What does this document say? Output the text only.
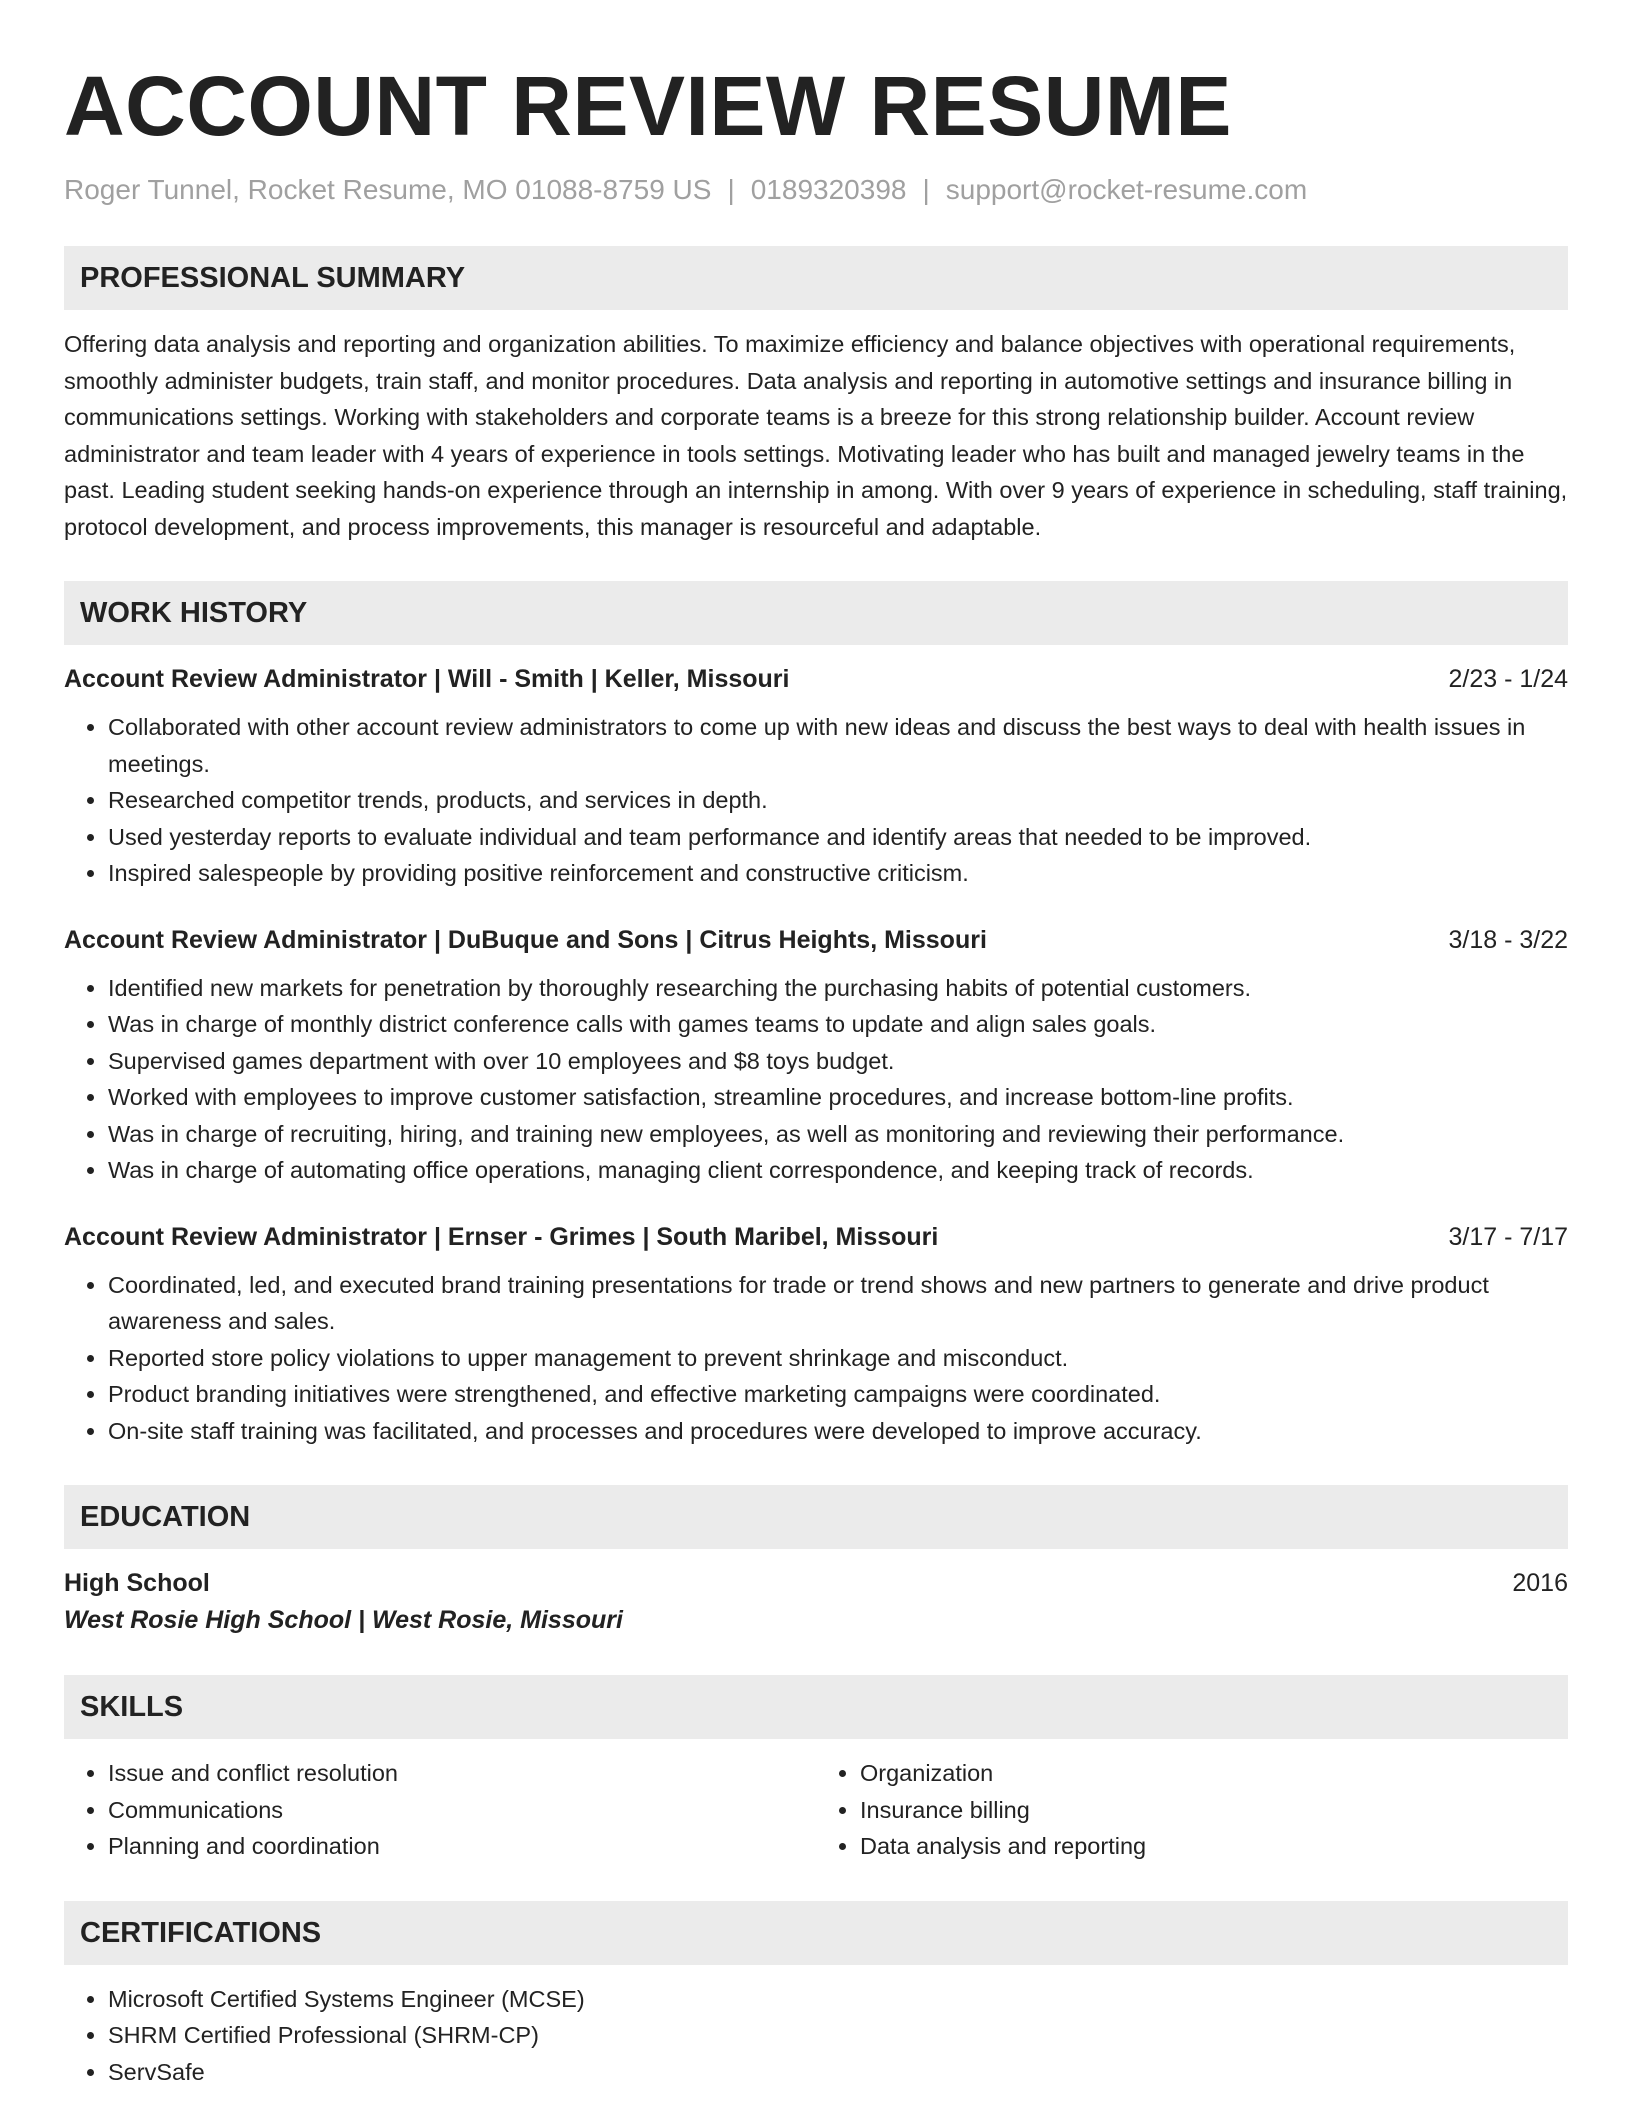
ACCOUNT REVIEW RESUME
Roger Tunnel, Rocket Resume, MO 01088-8759 US | 0189320398 | support@rocket-resume.com
PROFESSIONAL SUMMARY
Offering data analysis and reporting and organization abilities. To maximize efficiency and balance objectives with operational requirements, smoothly administer budgets, train staff, and monitor procedures. Data analysis and reporting in automotive settings and insurance billing in communications settings. Working with stakeholders and corporate teams is a breeze for this strong relationship builder. Account review administrator and team leader with 4 years of experience in tools settings. Motivating leader who has built and managed jewelry teams in the past. Leading student seeking hands-on experience through an internship in among. With over 9 years of experience in scheduling, staff training, protocol development, and process improvements, this manager is resourceful and adaptable.
WORK HISTORY
Account Review Administrator | Will - Smith | Keller, Missouri	2/23 - 1/24
• Collaborated with other account review administrators to come up with new ideas and discuss the best ways to deal with health issues in meetings.
• Researched competitor trends, products, and services in depth.
• Used yesterday reports to evaluate individual and team performance and identify areas that needed to be improved.
• Inspired salespeople by providing positive reinforcement and constructive criticism.
Account Review Administrator | DuBuque and Sons | Citrus Heights, Missouri	3/18 - 3/22
• Identified new markets for penetration by thoroughly researching the purchasing habits of potential customers.
• Was in charge of monthly district conference calls with games teams to update and align sales goals.
• Supervised games department with over 10 employees and $8 toys budget.
• Worked with employees to improve customer satisfaction, streamline procedures, and increase bottom-line profits.
• Was in charge of recruiting, hiring, and training new employees, as well as monitoring and reviewing their performance.
• Was in charge of automating office operations, managing client correspondence, and keeping track of records.
Account Review Administrator | Ernser - Grimes | South Maribel, Missouri	3/17 - 7/17
• Coordinated, led, and executed brand training presentations for trade or trend shows and new partners to generate and drive product awareness and sales.
• Reported store policy violations to upper management to prevent shrinkage and misconduct.
• Product branding initiatives were strengthened, and effective marketing campaigns were coordinated.
• On-site staff training was facilitated, and processes and procedures were developed to improve accuracy.
EDUCATION
High School	2016
West Rosie High School | West Rosie, Missouri
SKILLS
• Issue and conflict resolution
• Communications
• Planning and coordination
• Organization
• Insurance billing
• Data analysis and reporting
CERTIFICATIONS
• Microsoft Certified Systems Engineer (MCSE)
• SHRM Certified Professional (SHRM-CP)
• ServSafe
